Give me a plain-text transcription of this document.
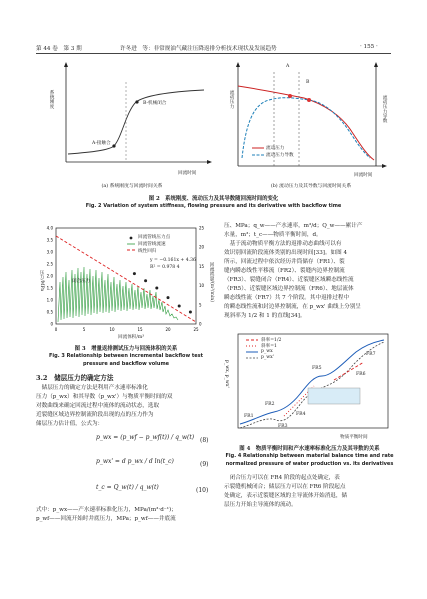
第 44 卷　第 3 期	许冬进　等：非常规油气藏注压降返排分析技术现状及发展趋势	· 155 ·
系统刚度
A-接触合
B-机械闭合
回流时间
(a) 系统刚度与回流时间关系
流动压力	流动压力导数
A
B
流动压力
流动压力导数
回流时间
(b) 流动压力及其导数与回流时间关系
图 2　系统刚度、流动压力及其导数随回流时间的变化
Fig. 2 Variation of system stiffness, flowing pressure and its derivative with backflow time
4.0
3.5
3.0
2.5
2.0
1.5
1.0
0.5
0
25
20
15
10
5
0
0	5	10	15	20	25
压力/MPa	回流流量/(m³/min)
回流管线压力点
回流管线流速
线性回归
y = −0.161x + 4.36
R² = 0.978 4
闭合压力
回流体积/m³
图 3　增量返排测试压力与回流体积的关系
Fig. 3 Relationship between incremental backflow test
pressure and backflow volume
压、MPa；q_w——产水速率，m³/d；Q_w——累计产
水量，m³；t_c——物质平衡时间，d。
　基于流动物质平衡方法的返排动态曲线可以有
效识别回流阶段流体类别的出现时间[33]。如图 4
所示，回流过程中依次经历井筒储存（FR1）、裂
缝内瞬态线性平移流（FR2）、裂缝内边界控制流
（FR3）、裂缝闭合（FR4）、近裂缝区域瞬态线性流
（FR5）、近裂缝区域边界控制流（FR6）、地层流体
瞬态线性流（FR7）共 7 个阶段。其中返排过程中
的瞬态线性流和封边界控制流，在 p_wx' 曲线上分别呈
现斜率为 1/2 和 1 的直线[34]。
p_wx, p_wx'
斜率=1/2
斜率=1
p_wx
p_wx'
FR1
FR2
FR3
FR4
FR5
FR6
FR7
物质平衡时间
图 4　物质平衡时间和产水速率标准化压力及其导数的关系
Fig. 4 Relationship between material balance time and rate
normalized pressure of water production vs. its derivatives
　闭合压力可以在 FR4 阶段的起点处确定，表
示裂缝机械闭合；储层压力可以在 FR6 阶段起点
处确定，表示近裂缝区域的主导流体开始消退，储
层压力开始主导流体的流动。
3.2　储层压力的确定方法
　储层压力的确定方法是利用产水速率标准化
压力（p_wx）和其导数（p_wx'）与物质平衡时间的双
对数曲线来确定回流过程中流体的流动状态，选取
近裂缝区域边界控制流阶段出现的点的压力作为
储层压力估计值，公式为：
p_wx = (p_wf − p_wf(t)) / q_w(t) (8)
p_wx' = d p_wx / d ln(t_c)	(9)
t_c = Q_w(t) / q_w(t)	(10)
式中：p_wx——产水速率标准化压力，MPa/(m³·d⁻¹)；
p_wf——回流开始时井底压力，MPa；p_wf——井底流
